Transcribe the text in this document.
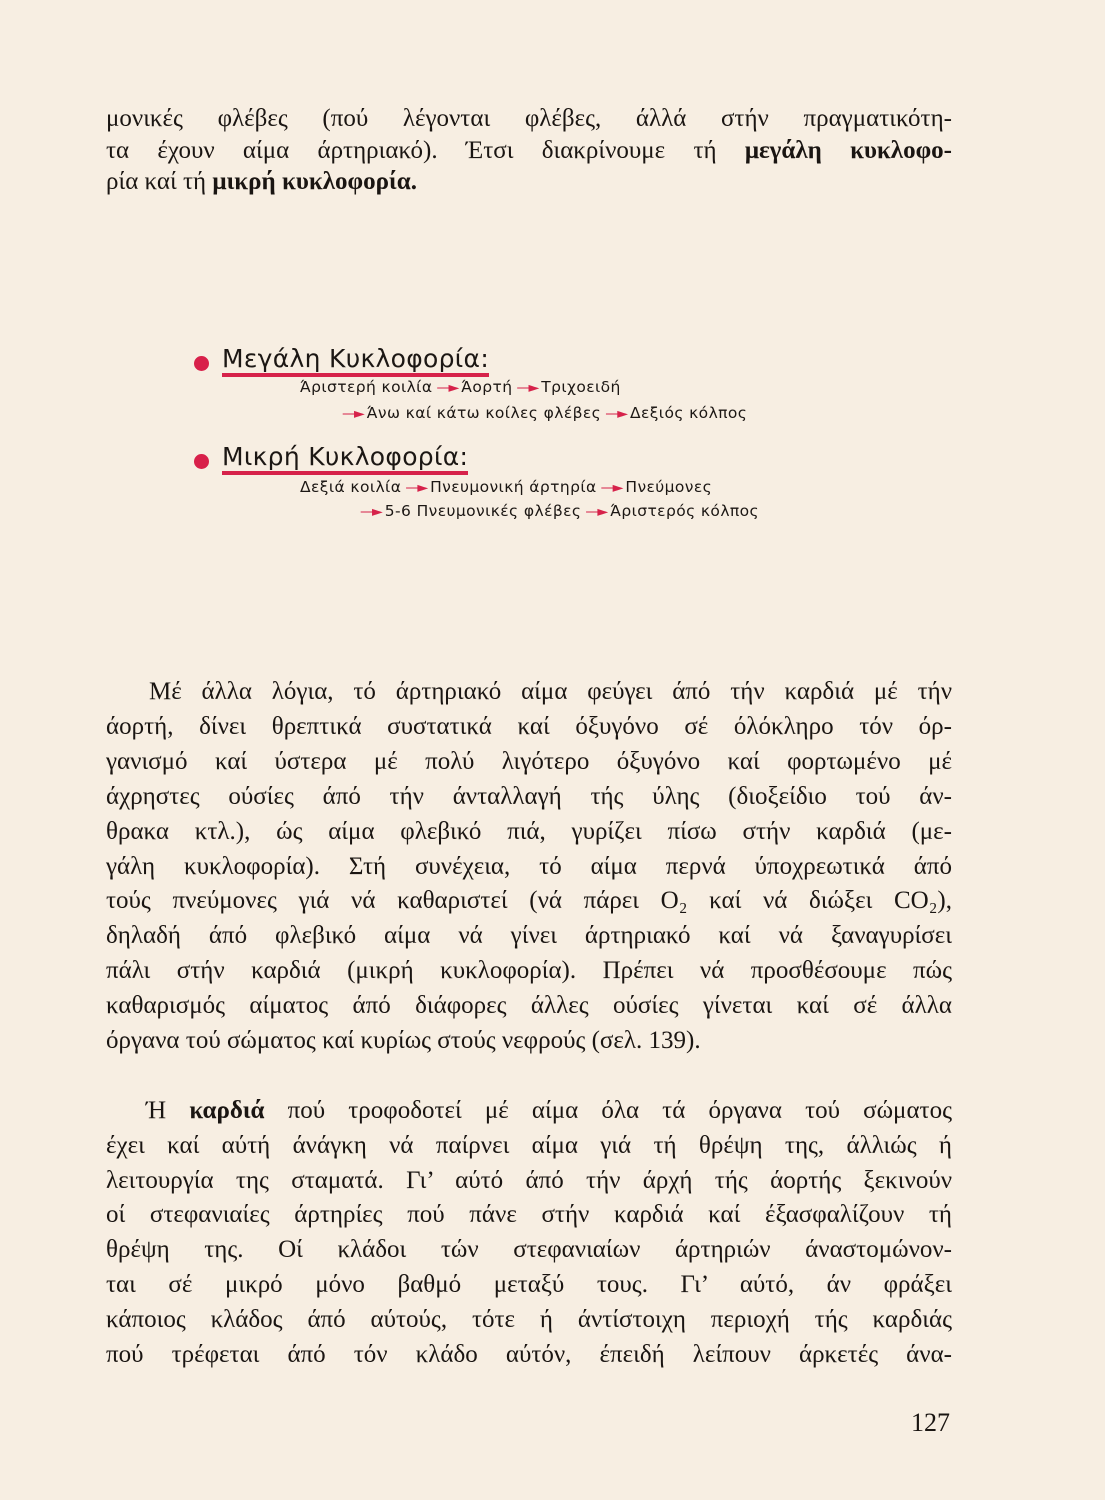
μονικές φλέβες (πού λέγονται φλέβες, άλλά στήν πραγματικότη-
τα έχουν αίμα άρτηριακό). Έτσι διακρίνουμε τή μεγάλη κυκλοφο-
ρία καί τή μικρή κυκλοφορία.
Μεγάλη Κυκλοφορία:
Άριστερή κοιλία —► Άορτή —► Τριχοειδή
—► Άνω καί κάτω κοίλες φλέβες —► Δεξιός κόλπος
Μικρή Κυκλοφορία:
Δεξιά κοιλία —► Πνευμονική άρτηρία —► Πνεύμονες
—► 5-6 Πνευμονικές φλέβες —► Άριστερός κόλπος
Μέ άλλα λόγια, τό άρτηριακό αίμα φεύγει άπό τήν καρδιά μέ τήν
άορτή, δίνει θρεπτικά συστατικά καί όξυγόνο σέ όλόκληρο τόν όρ-
γανισμό καί ύστερα μέ πολύ λιγότερο όξυγόνο καί φορτωμένο μέ
άχρηστες ούσίες άπό τήν άνταλλαγή τής ύλης (διοξείδιο τού άν-
θρακα κτλ.), ώς αίμα φλεβικό πιά, γυρίζει πίσω στήν καρδιά (με-
γάλη κυκλοφορία). Στή συνέχεια, τό αίμα περνά ύποχρεωτικά άπό
τούς πνεύμονες γιά νά καθαριστεί (νά πάρει O₂ καί νά διώξει CO₂),
δηλαδή άπό φλεβικό αίμα νά γίνει άρτηριακό καί νά ξαναγυρίσει
πάλι στήν καρδιά (μικρή κυκλοφορία). Πρέπει νά προσθέσουμε πώς
καθαρισμός αίματος άπό διάφορες άλλες ούσίες γίνεται καί σέ άλλα
όργανα τού σώματος καί κυρίως στούς νεφρούς (σελ. 139).
Ή καρδιά πού τροφοδοτεί μέ αίμα όλα τά όργανα τού σώματος
έχει καί αύτή άνάγκη νά παίρνει αίμα γιά τή θρέψη της, άλλιώς ή
λειτουργία της σταματά. Γι’ αύτό άπό τήν άρχή τής άορτής ξεκινούν
οί στεφανιαίες άρτηρίες πού πάνε στήν καρδιά καί έξασφαλίζουν τή
θρέψη της. Οί κλάδοι τών στεφανιαίων άρτηριών άναστομώνον-
ται σέ μικρό μόνο βαθμό μεταξύ τους. Γι’ αύτό, άν φράξει
κάποιος κλάδος άπό αύτούς, τότε ή άντίστοιχη περιοχή τής καρδιάς
πού τρέφεται άπό τόν κλάδο αύτόν, έπειδή λείπουν άρκετές άνα-
127
